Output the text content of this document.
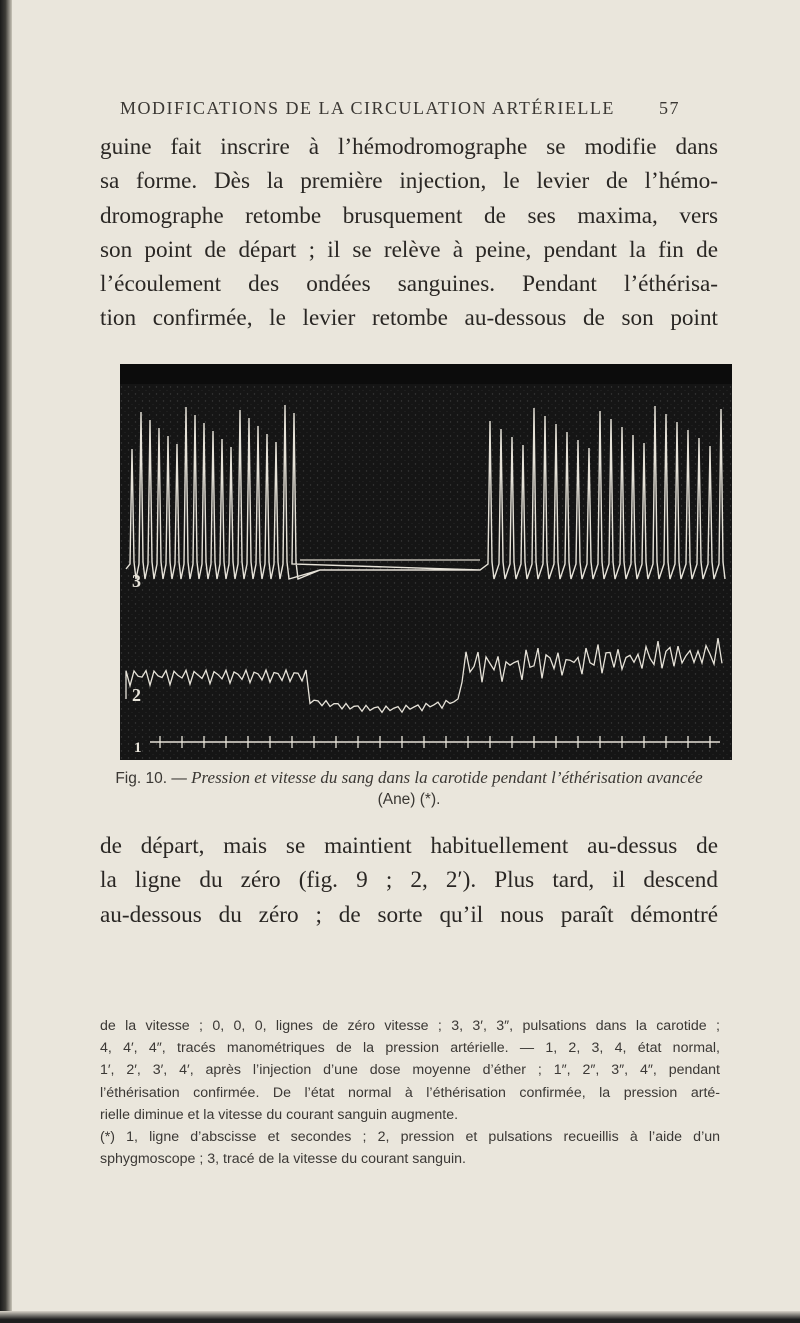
MODIFICATIONS DE LA CIRCULATION ARTÉRIELLE 57
guine fait inscrire à l’hémodromographe se modifie dans
sa forme. Dès la première injection, le levier de l’hémo-
dromographe retombe brusquement de ses maxima, vers
son point de départ ; il se relève à peine, pendant la fin de
l’écoulement des ondées sanguines. Pendant l’éthérisa-
tion confirmée, le levier retombe au-dessous de son point
3
2
1
Fig. 10. — Pression et vitesse du sang dans la carotide pendant l’éthérisation avancée (Ane) (*).
de départ, mais se maintient habituellement au-dessus de
la ligne du zéro (fig. 9 ; 2, 2′). Plus tard, il descend
au-dessous du zéro ; de sorte qu’il nous paraît démontré
de la vitesse ; 0, 0, 0, lignes de zéro vitesse ; 3, 3′, 3″, pulsations dans la carotide ;
4, 4′, 4″, tracés manométriques de la pression artérielle. — 1, 2, 3, 4, état normal,
1′, 2′, 3′, 4′, après l’injection d’une dose moyenne d’éther ; 1″, 2″, 3″, 4″, pendant
l’éthérisation confirmée. De l’état normal à l’éthérisation confirmée, la pression arté-
rielle diminue et la vitesse du courant sanguin augmente.
(*) 1, ligne d’abscisse et secondes ; 2, pression et pulsations recueillis à l’aide d’un
sphygmoscope ; 3, tracé de la vitesse du courant sanguin.
